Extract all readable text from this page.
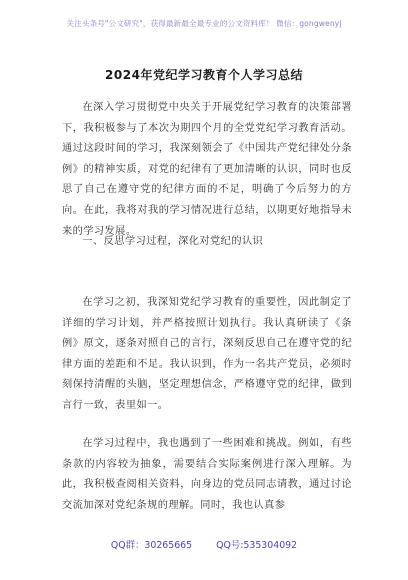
关注头条号"公文研究"，获得最新最全最专业的公文资料库！ 微信：gongwenyj
2024年党纪学习教育个人学习总结

在深入学习贯彻党中央关于开展党纪学习教育的决策部署下，我积极参与了本次为期四个月的全党党纪学习教育活动。通过这段时间的学习，我深刻领会了《中国共产党纪律处分条例》的精神实质，对党的纪律有了更加清晰的认识，同时也反思了自己在遵守党的纪律方面的不足，明确了今后努力的方向。在此，我将对我的学习情况进行总结，以期更好地指导未来的学习发展。

一、反思学习过程，深化对党纪的认识

在学习之初，我深知党纪学习教育的重要性，因此制定了详细的学习计划，并严格按照计划执行。我认真研读了《条例》原文，逐条对照自己的言行，深刻反思自己在遵守党的纪律方面的差距和不足。我认识到，作为一名共产党员，必须时刻保持清醒的头脑，坚定理想信念，严格遵守党的纪律，做到言行一致，表里如一。

在学习过程中，我也遇到了一些困难和挑战。例如，有些条款的内容较为抽象，需要结合实际案例进行深入理解。为此，我积极查阅相关资料，向身边的党员同志请教，通过讨论交流加深对党纪条规的理解。同时，我也认真参

QQ群：30265665	QQ号:535304092
